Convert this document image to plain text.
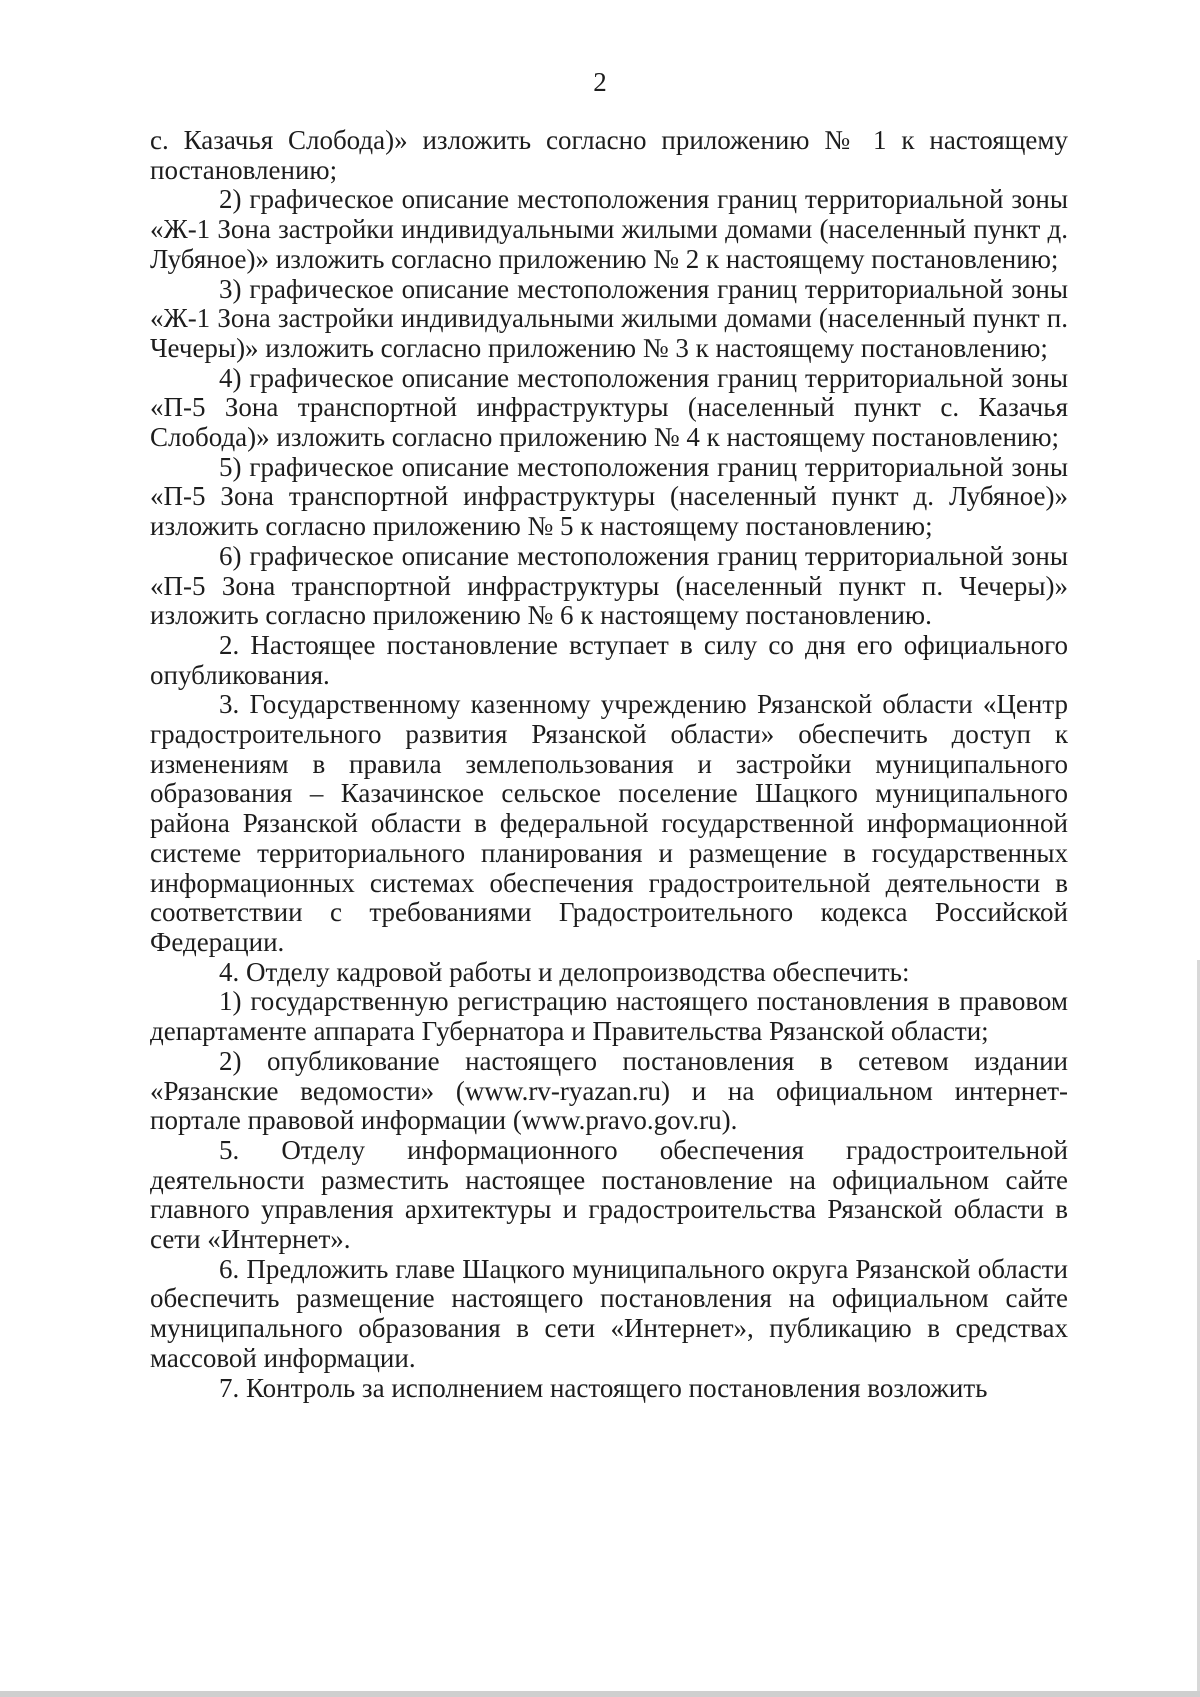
2

с. Казачья Слобода)» изложить согласно приложению № 1 к настоящему постановлению;

2) графическое описание местоположения границ территориальной зоны «Ж-1 Зона застройки индивидуальными жилыми домами (населенный пункт д. Лубяное)» изложить согласно приложению № 2 к настоящему постановлению;

3) графическое описание местоположения границ территориальной зоны «Ж-1 Зона застройки индивидуальными жилыми домами (населенный пункт п. Чечеры)» изложить согласно приложению № 3 к настоящему постановлению;

4) графическое описание местоположения границ территориальной зоны «П-5 Зона транспортной инфраструктуры (населенный пункт с. Казачья Слобода)» изложить согласно приложению № 4 к настоящему постановлению;

5) графическое описание местоположения границ территориальной зоны «П-5 Зона транспортной инфраструктуры (населенный пункт д. Лубяное)» изложить согласно приложению № 5 к настоящему постановлению;

6) графическое описание местоположения границ территориальной зоны «П-5 Зона транспортной инфраструктуры (населенный пункт п. Чечеры)» изложить согласно приложению № 6 к настоящему постановлению.

2. Настоящее постановление вступает в силу со дня его официального опубликования.

3. Государственному казенному учреждению Рязанской области «Центр градостроительного развития Рязанской области» обеспечить доступ к изменениям в правила землепользования и застройки муниципального образования – Казачинское сельское поселение Шацкого муниципального района Рязанской области в федеральной государственной информационной системе территориального планирования и размещение в государственных информационных системах обеспечения градостроительной деятельности в соответствии с требованиями Градостроительного кодекса Российской Федерации.

4. Отделу кадровой работы и делопроизводства обеспечить:

1) государственную регистрацию настоящего постановления в правовом департаменте аппарата Губернатора и Правительства Рязанской области;

2) опубликование настоящего постановления в сетевом издании «Рязанские ведомости» (www.rv-ryazan.ru) и на официальном интернет-портале правовой информации (www.pravo.gov.ru).

5. Отделу информационного обеспечения градостроительной деятельности разместить настоящее постановление на официальном сайте главного управления архитектуры и градостроительства Рязанской области в сети «Интернет».

6. Предложить главе Шацкого муниципального округа Рязанской области обеспечить размещение настоящего постановления на официальном сайте муниципального образования в сети «Интернет», публикацию в средствах массовой информации.

7. Контроль за исполнением настоящего постановления возложить
